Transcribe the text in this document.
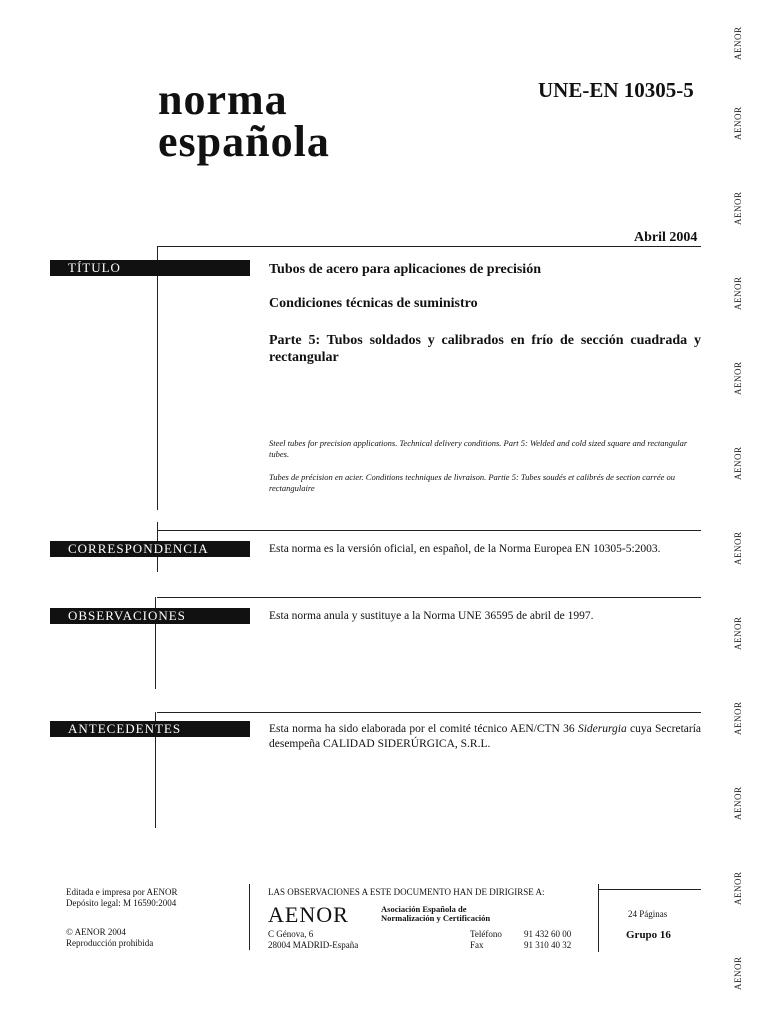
norma
española
UNE-EN 10305-5
Abril 2004
TÍTULO	Tubos de acero para aplicaciones de precisión
Condiciones técnicas de suministro
Parte 5: Tubos soldados y calibrados en frío de sección cuadrada y rectangular
Steel tubes for precision applications. Technical delivery conditions. Part 5: Welded and cold sized square and rectangular tubes.
Tubes de précision en acier. Conditions techniques de livraison. Partie 5: Tubes soudés et calibrés de section carrée ou rectangulaire
CORRESPONDENCIA	Esta norma es la versión oficial, en español, de la Norma Europea EN 10305-5:2003.
OBSERVACIONES	Esta norma anula y sustituye a la Norma UNE 36595 de abril de 1997.
ANTECEDENTES	Esta norma ha sido elaborada por el comité técnico AEN/CTN 36 Siderurgia cuya Secretaría desempeña CALIDAD SIDERÚRGICA, S.R.L.
Editada e impresa por AENOR
Depósito legal: M 16590:2004
© AENOR 2004
Reproducción prohibida
LAS OBSERVACIONES A ESTE DOCUMENTO HAN DE DIRIGIRSE A:
AENOR	Asociación Española de
Normalización y Certificación
C Génova, 6
28004 MADRID-España
Teléfono 91 432 60 00
Fax	91 310 40 32
24 Páginas
Grupo 16
AENOR
AENOR
AENOR
AENOR
AENOR
AENOR
AENOR
AENOR
AENOR
AENOR
AENOR
AENOR
